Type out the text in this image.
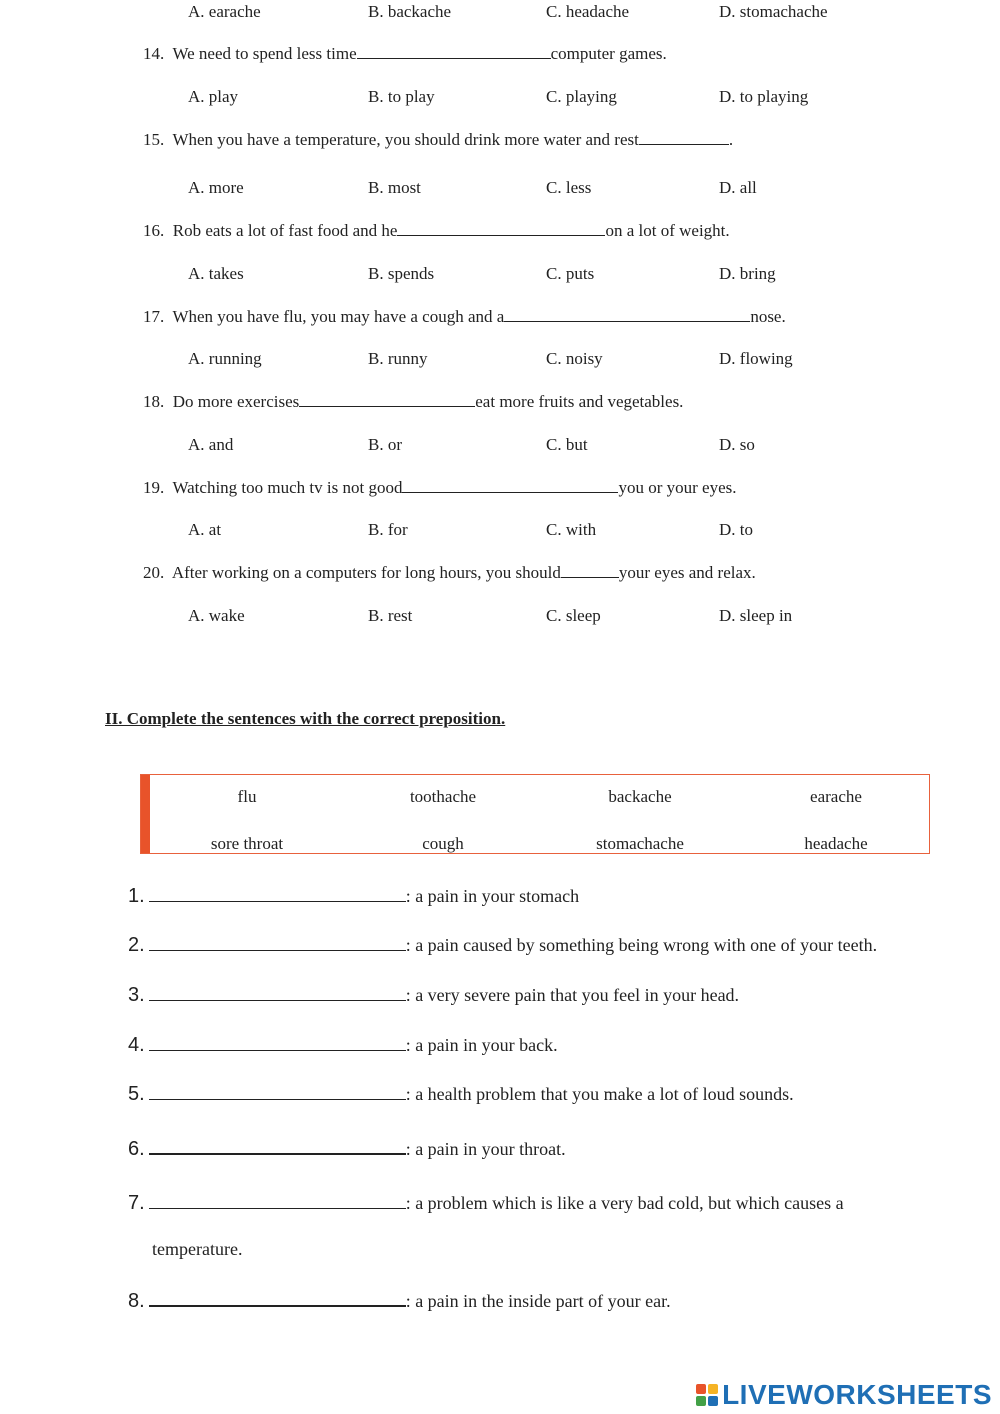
A. earache	B. backache	C. headache	D. stomachache
14. We need to spend less time	computer games.
A. play	B. to play	C. playing	D. to playing
15. When you have a temperature, you should drink more water and rest	.
A. more	B. most	C. less	D. all
16. Rob eats a lot of fast food and he	on a lot of weight.
A. takes	B. spends	C. puts	D. bring
17. When you have flu, you may have a cough and a	nose.
A. running	B. runny	C. noisy	D. flowing
18. Do more exercises	eat more fruits and vegetables.
A. and	B. or	C. but	D. so
19. Watching too much tv is not good	you or your eyes.
A. at	B. for	C. with	D. to
20. After working on a computers for long hours, you should	your eyes and relax.
A. wake	B. rest	C. sleep	D. sleep in
II. Complete the sentences with the correct preposition.
flu	toothache	backache	earache
sore throat	cough	stomachache	headache
1.	: a pain in your stomach
2.	: a pain caused by something being wrong with one of your teeth.
3.	: a very severe pain that you feel in your head.
4.	: a pain in your back.
5.	: a health problem that you make a lot of loud sounds.
6.	: a pain in your throat.
7.	: a problem which is like a very bad cold, but which causes a
temperature.
8.	: a pain in the inside part of your ear.
LIVEWORKSHEETS
